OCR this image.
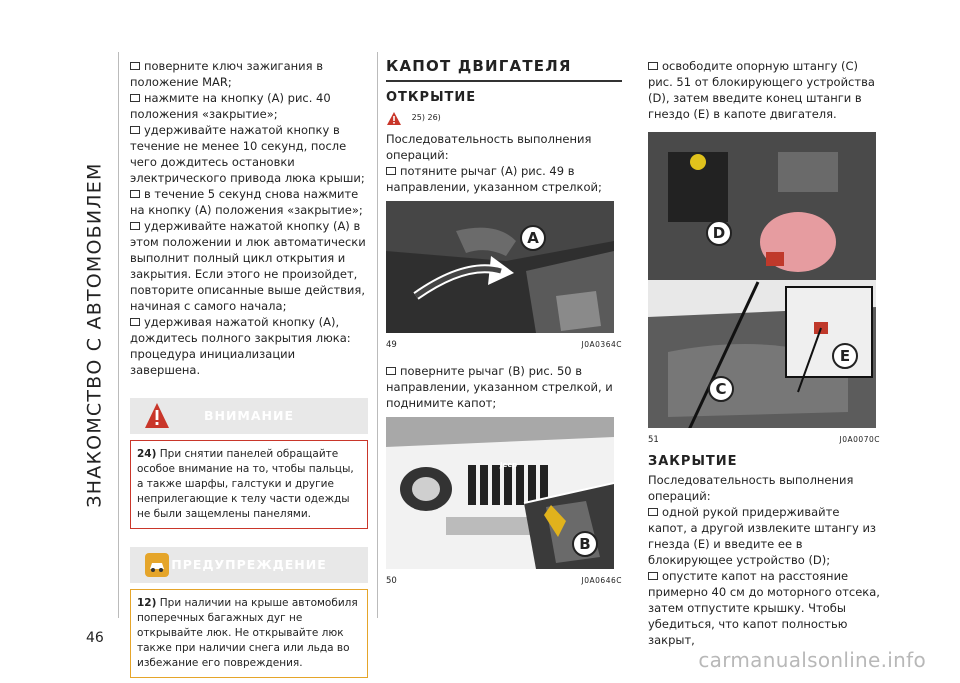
ЗНАКОМСТВО С АВТОМОБИЛЕМ
46

поверните ключ зажигания в положение MAR;

нажмите на кнопку (A) рис. 40 положения «закрытие»;

удерживайте нажатой кнопку в течение не менее 10 секунд, после чего дождитесь остановки электрического привода люка крыши;

в течение 5 секунд снова нажмите на кнопку (A) положения «закрытие»;

удерживайте нажатой кнопку (A) в этом положении и люк автоматически выполнит полный цикл открытия и закрытия. Если этого не произойдет, повторите описанные выше действия, начиная с самого начала;

удерживая нажатой кнопку (A), дождитесь полного закрытия люка: процедура инициализации завершена.

ВНИМАНИЕ
24) При снятии панелей обращайте особое внимание на то, чтобы пальцы, а также шарфы, галстуки и другие неприлегающие к телу части одежды не были защемлены панелями.
ПРЕДУПРЕЖДЕНИЕ
12) При наличии на крыше автомобиля поперечных багажных дуг не открывайте люк. Не открывайте люк также при наличии снега или льда во избежание его повреждения.
КАПОТ ДВИГАТЕЛЯ
ОТКРЫТИЕ
$^{25) 26)}$

Последовательность выполнения операций:

потяните рычаг (A) рис. 49 в направлении, указанном стрелкой;

A
49	J0A0364C

поверните рычаг (B) рис. 50 в направлении, указанном стрелкой, и поднимите капот;

Jeep
B
50	J0A0646C

освободите опорную штангу (C) рис. 51 от блокирующего устройства (D), затем введите конец штанги в гнездо (E) в капоте двигателя.

D
E
C
51	J0A0070C
ЗАКРЫТИЕ

Последовательность выполнения операций:

одной рукой придерживайте капот, а другой извлеките штангу из гнезда (E) и введите ее в блокирующее устройство (D);

опустите капот на расстояние примерно 40 см до моторного отсека, затем отпустите крышку. Чтобы убедиться, что капот полностью закрыт,

carmanualsonline.info
